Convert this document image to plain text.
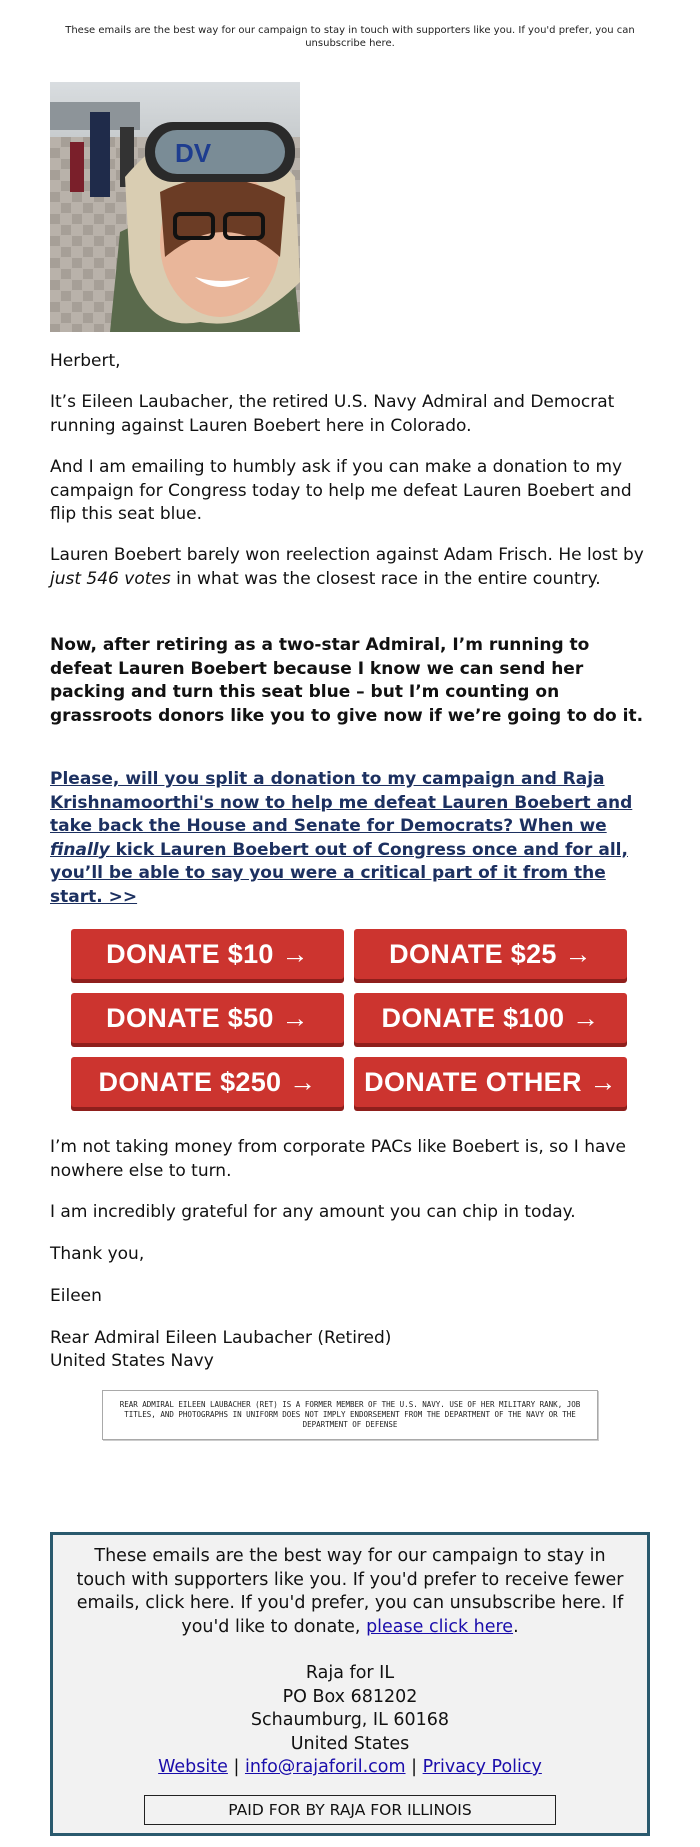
These emails are the best way for our campaign to stay in touch with supporters like you. If you'd prefer, you can unsubscribe here.
DV
Herbert,

It’s Eileen Laubacher, the retired U.S. Navy Admiral and Democrat running against Lauren Boebert here in Colorado.

And I am emailing to humbly ask if you can make a donation to my campaign for Congress today to help me defeat Lauren Boebert and flip this seat blue.

Lauren Boebert barely won reelection against Adam Frisch. He lost by just 546 votes in what was the closest race in the entire country.

Now, after retiring as a two-star Admiral, I’m running to defeat Lauren Boebert because I know we can send her packing and turn this seat blue – but I’m counting on grassroots donors like you to give now if we’re going to do it.

Please, will you split a donation to my campaign and Raja Krishnamoorthi's now to help me defeat Lauren Boebert and take back the House and Senate for Democrats? When we finally kick Lauren Boebert out of Congress once and for all, you’ll be able to say you were a critical part of it from the start. >>
DONATE $10 →	DONATE $25 →
DONATE $50 →	DONATE $100 →
DONATE $250 →	DONATE OTHER →

I’m not taking money from corporate PACs like Boebert is, so I have nowhere else to turn.

I am incredibly grateful for any amount you can chip in today.
Thank you,
Eileen
Rear Admiral Eileen Laubacher (Retired)
United States Navy
REAR ADMIRAL EILEEN LAUBACHER (RET) IS A FORMER MEMBER OF THE U.S. NAVY. USE OF HER MILITARY RANK, JOB TITLES, AND PHOTOGRAPHS IN UNIFORM DOES NOT IMPLY ENDORSEMENT FROM THE DEPARTMENT OF THE NAVY OR THE DEPARTMENT OF DEFENSE
These emails are the best way for our campaign to stay in touch with supporters like you. If you'd prefer to receive fewer emails, click here. If you'd prefer, you can unsubscribe here. If you'd like to donate, please click here.
Raja for IL
PO Box 681202
Schaumburg, IL 60168
United States
Website | info@rajaforil.com | Privacy Policy
PAID FOR BY RAJA FOR ILLINOIS
